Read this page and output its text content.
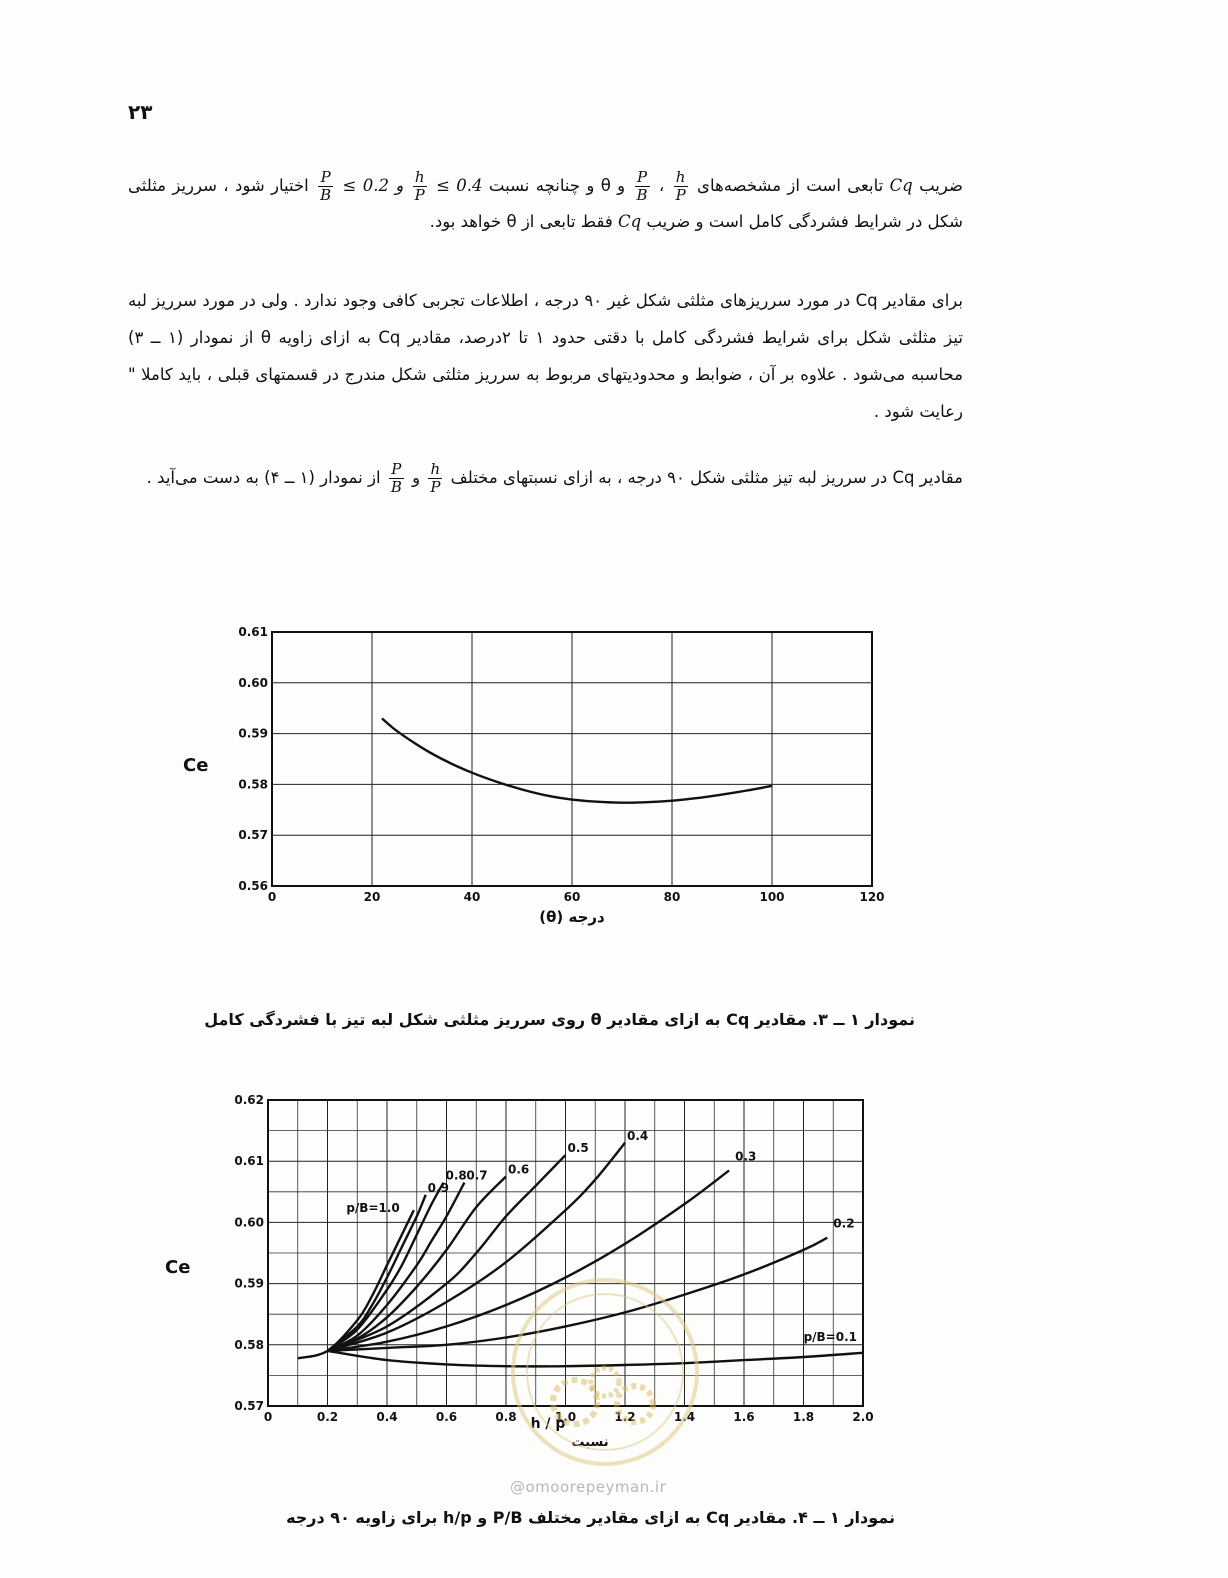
۲۳
ضریب Cq تابعی است از مشخصه‌های
$\frac{h}{P}$
،
$\frac{P}{B}$
و θ و چنانچه نسبت 0.4 ≥
$\frac{h}{P}$
و 0.2 ≥
$\frac{P}{B}$
اختیار شود ، سرریز مثلثی شکل در شرایط فشردگی کامل است و ضریب Cq فقط تابعی از θ خواهد بود.
برای مقادیر Cq در مورد سرریزهای مثلثی شکل غیر ۹۰ درجه ، اطلاعات تجربی کافی وجود ندارد . ولی در مورد سرریز لبه تیز مثلثی شکل برای شرایط فشردگی کامل با دقتی حدود ۱ تا ۲درصد، مقادیر Cq به ازای زاویه θ از نمودار (۱ ــ ۳) محاسبه می‌شود . علاوه بر آن ، ضوابط و محدودیتهای مربوط به سرریز مثلثی شکل مندرج در قسمتهای قبلی ، باید کاملا " رعایت شود .
مقادیر Cq در سرریز لبه تیز مثلثی شکل ۹۰ درجه ، به ازای نسبتهای مختلف
$\frac{h}{P}$
و
$\frac{P}{B}$
از نمودار (۱ ــ ۴) به دست می‌آید .
0	20	40	60	80	100	120
0.56
0.57
0.58
0.59
0.60
0.61
(θ) درجه
Ce
نمودار ۱ ــ ۳. مقادیر Cq به ازای مقادیر θ روی سرریز مثلثی شکل لبه تیز با فشردگی کامل
0	0.2	0.4	0.6	0.8	1.0	1.2	1.4	1.6	1.8	2.0
0.57
0.58
0.59
0.60
0.61
0.62
p/B=1.0
0.9
0.8 0.7 0.6
0.5
0.4
0.3
0.2
p/B=0.1
h / p
نسبت
Ce
@omoorepeyman.ir
نمودار ۱ ــ ۴. مقادیر Cq به ازای مقادیر مختلف P/B و h/p برای زاویه ۹۰ درجه
